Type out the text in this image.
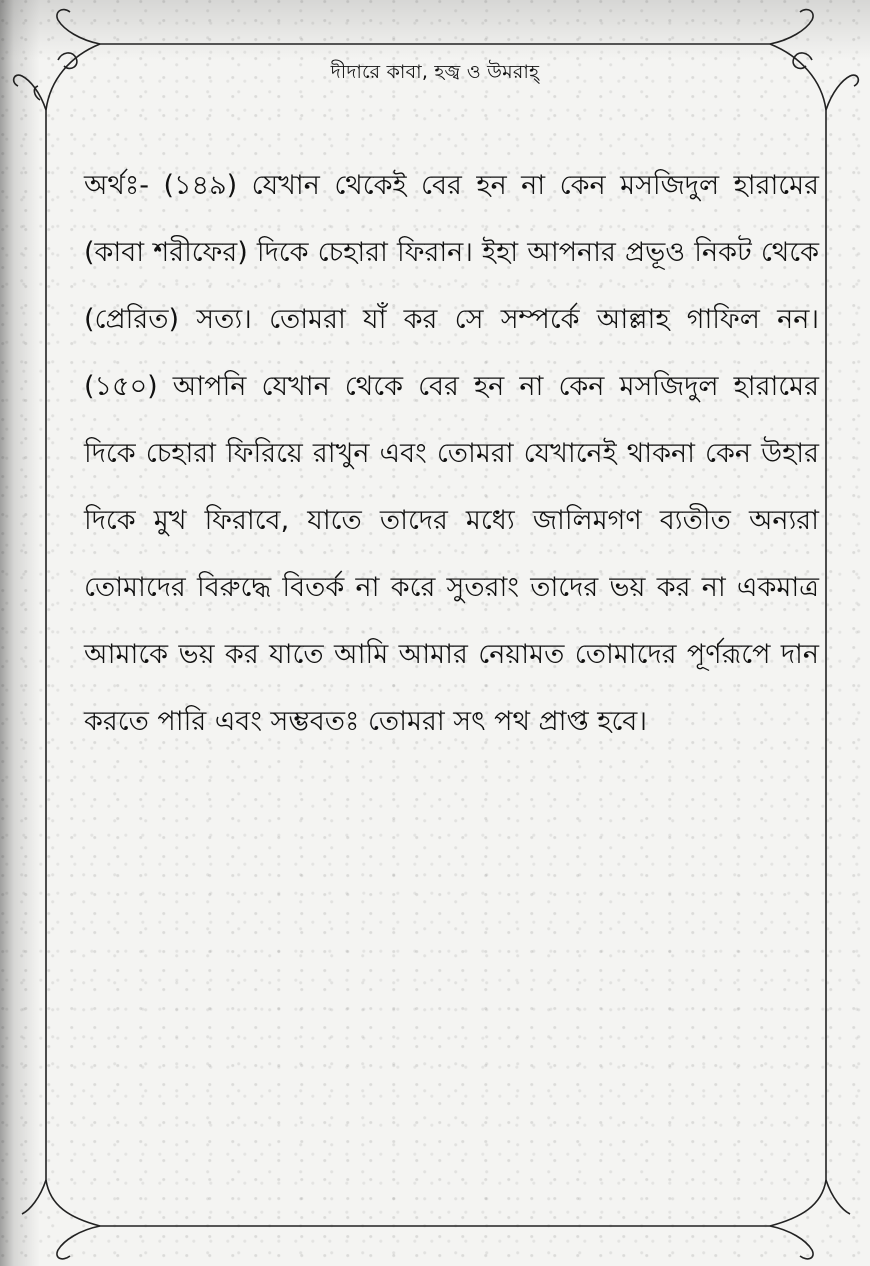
দীদারে কাবা, হজ্ব ও উমরাহ্

অর্থঃ- (১৪৯) যেখান থেকেই বের হন না কেন মসজিদুল হারামের (কাবা শরীফের) দিকে চেহারা ফিরান। ইহা আপনার প্রভূও নিকট থেকে (প্রেরিত) সত্য। তোমরা যাঁ কর সে সম্পর্কে আল্লাহ গাফিল নন। (১৫০) আপনি যেখান থেকে বের হন না কেন মসজিদুল হারামের দিকে চেহারা ফিরিয়ে রাখুন এবং তোমরা যেখানেই থাকনা কেন উহার দিকে মুখ ফিরাবে, যাতে তাদের মধ্যে জালিমগণ ব্যতীত অন্যরা তোমাদের বিরুদ্ধে বিতর্ক না করে সুতরাং তাদের ভয় কর না একমাত্র আমাকে ভয় কর যাতে আমি আমার নেয়ামত তোমাদের পূর্ণরূপে দান করতে পারি এবং সম্ভবতঃ তোমরা সৎ পথ প্রাপ্ত হবে।
